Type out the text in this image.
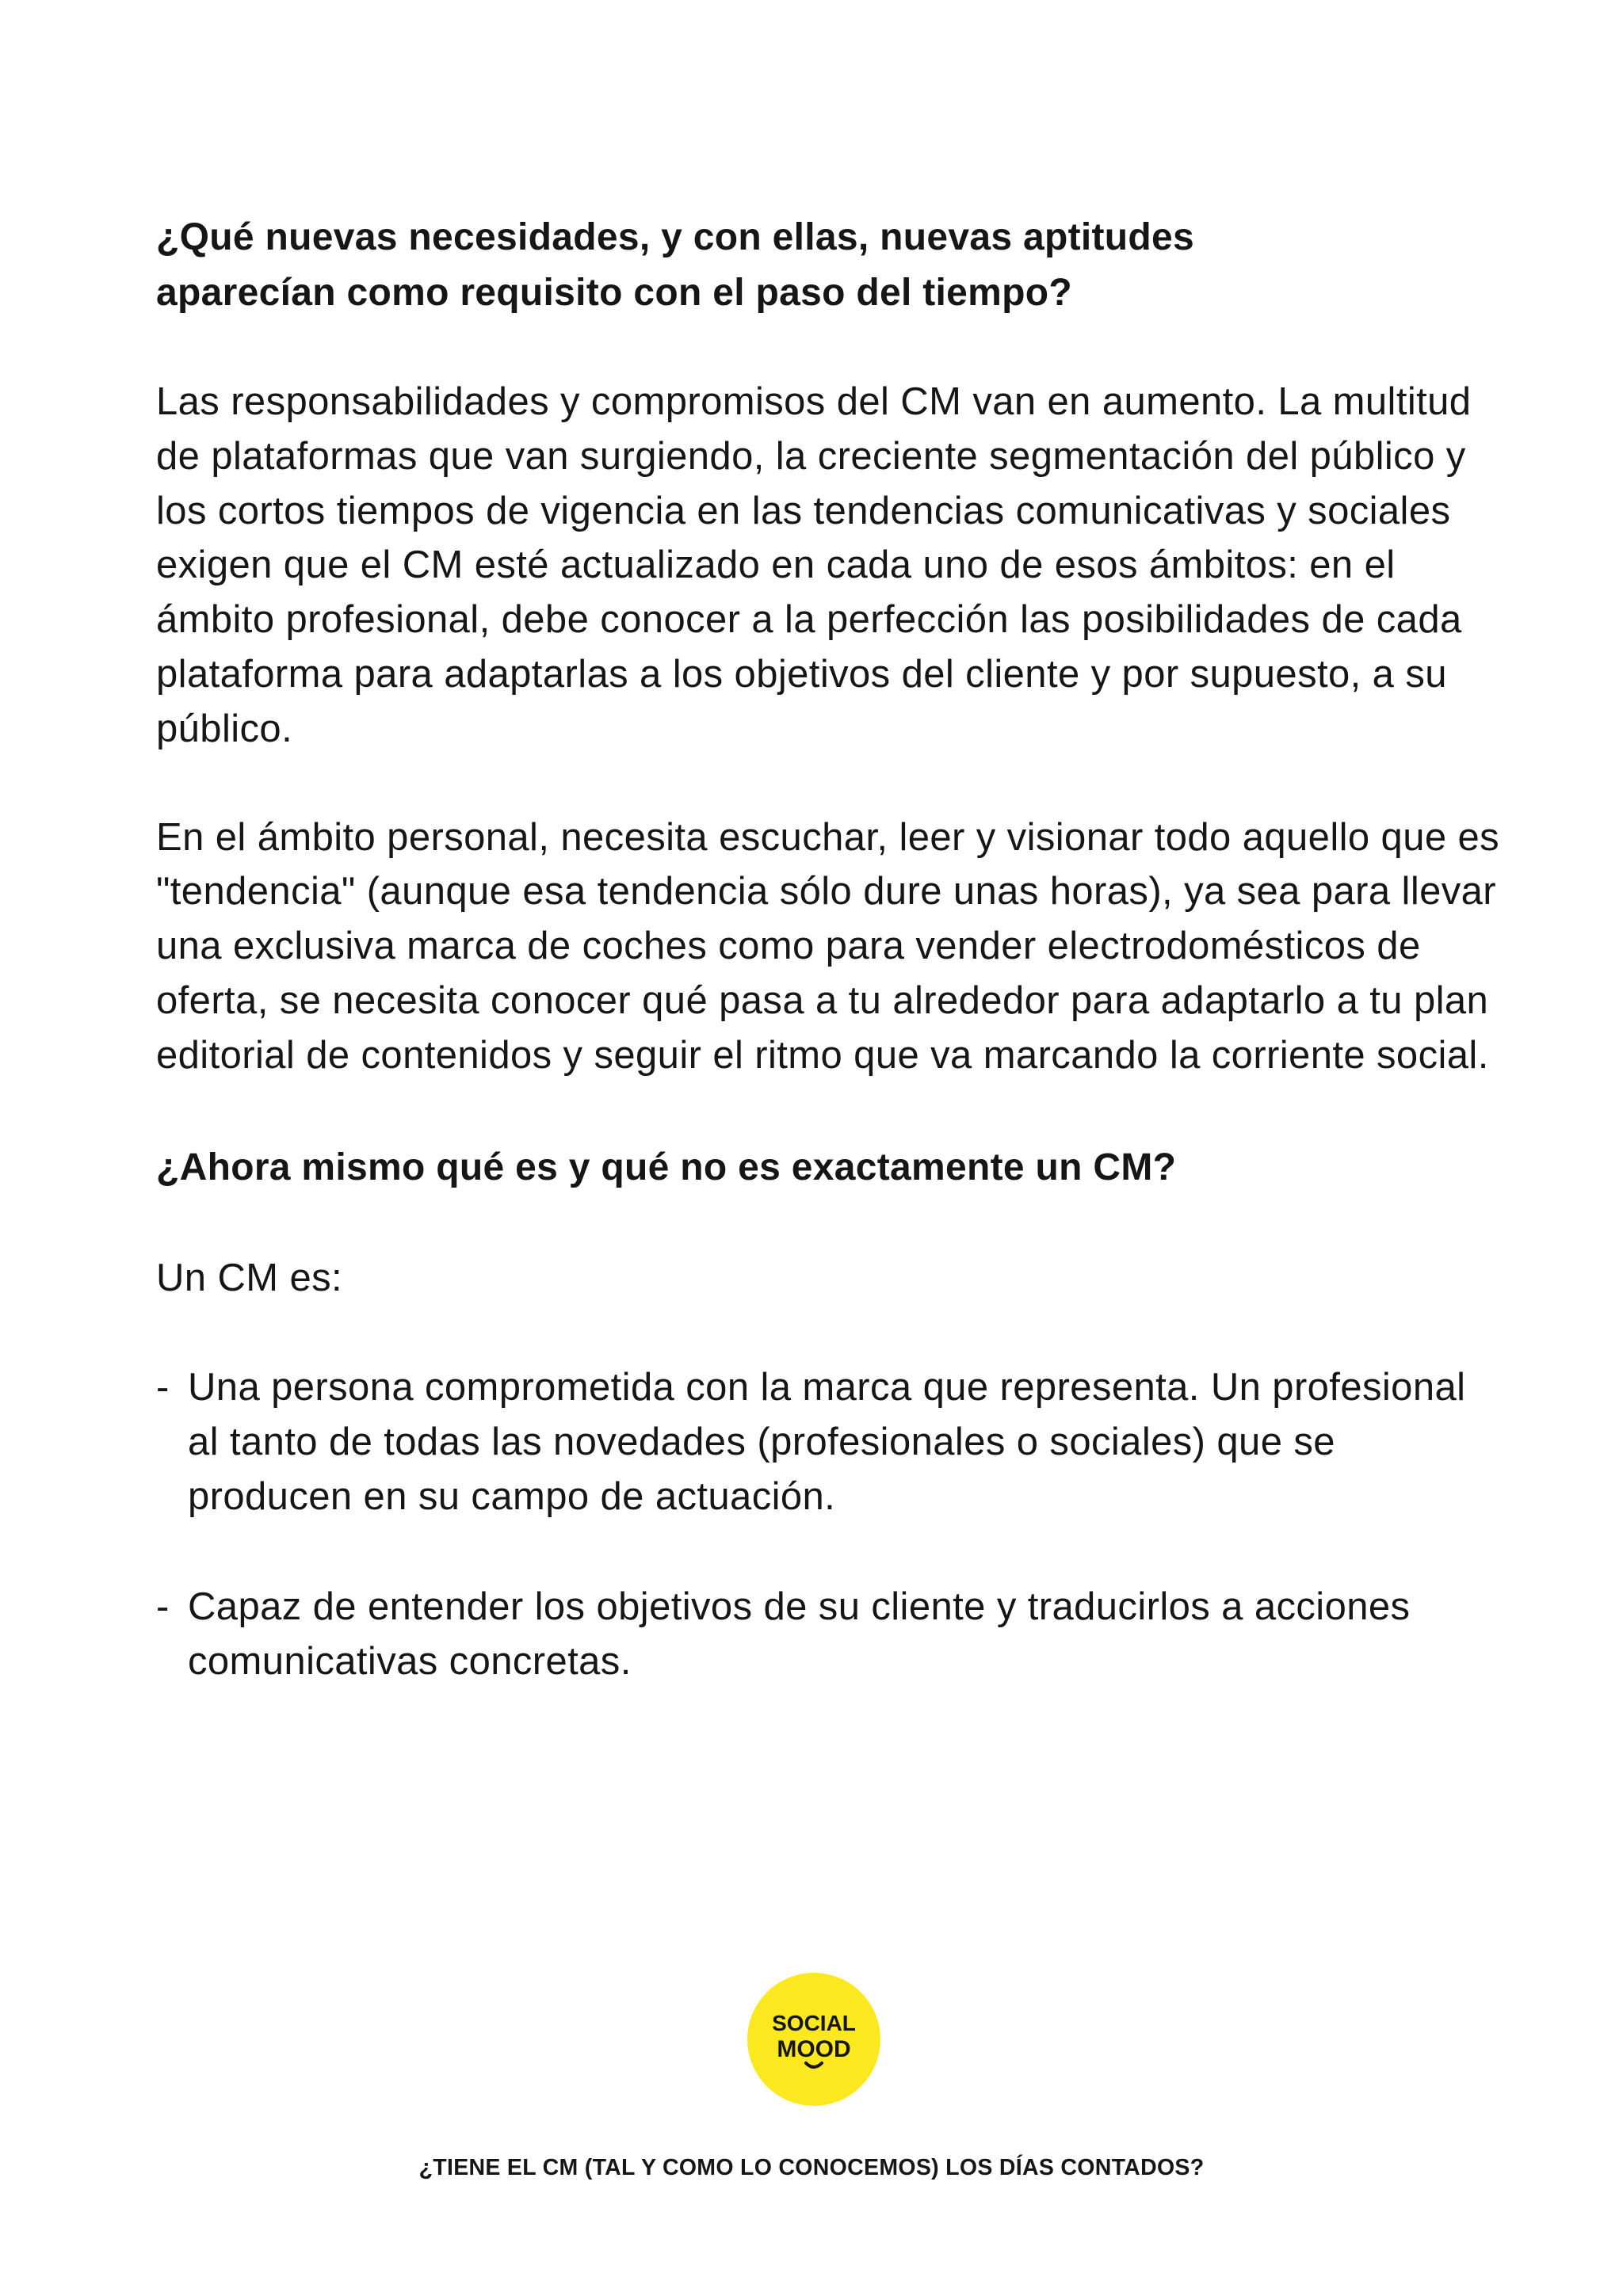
¿Qué nuevas necesidades, y con ellas, nuevas aptitudes aparecían como requisito con el paso del tiempo?

Las responsabilidades y compromisos del CM van en aumento. La multitud de plataformas que van surgiendo, la creciente segmentación del público y los cortos tiempos de vigencia en las tendencias comunicativas y sociales exigen que el CM esté actualizado en cada uno de esos ámbitos: en el ámbito profesional, debe conocer a la perfección las posibilidades de cada plataforma para adaptarlas a los objetivos del cliente y por supuesto, a su público.

En el ámbito personal, necesita escuchar, leer y visionar todo aquello que es "tendencia" (aunque esa tendencia sólo dure unas horas), ya sea para llevar una exclusiva marca de coches como para vender electrodomésticos de oferta, se necesita conocer qué pasa a tu alrededor para adaptarlo a tu plan editorial de contenidos y seguir el ritmo que va marcando la corriente social.

¿Ahora mismo qué es y qué no es exactamente un CM?

Un CM es:

- Una persona comprometida con la marca que representa. Un profesional al tanto de todas las novedades (profesionales o sociales) que se producen en su campo de actuación.
- Capaz de entender los objetivos de su cliente y traducirlos a acciones comunicativas concretas.
SOCIAL
MOOD
¿TIENE EL CM (TAL Y COMO LO CONOCEMOS) LOS DÍAS CONTADOS?
